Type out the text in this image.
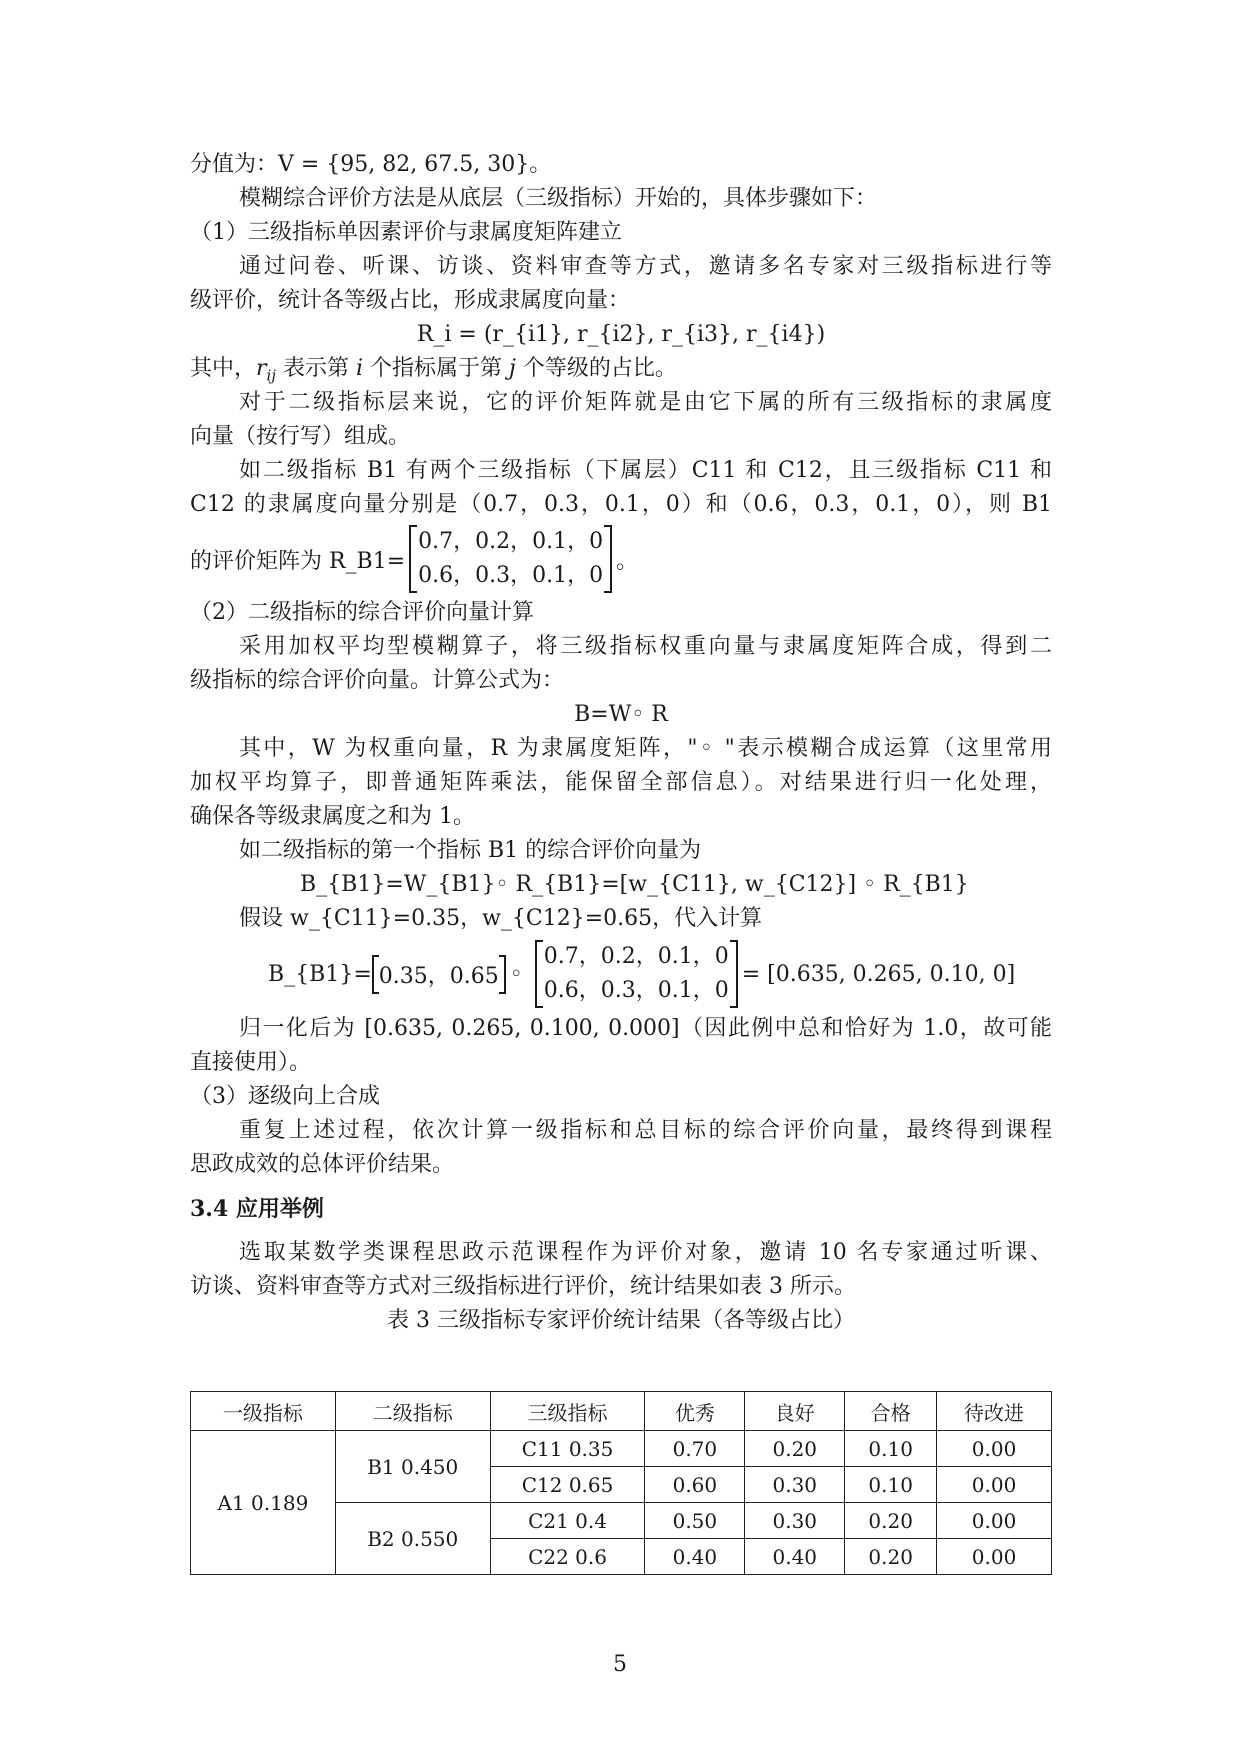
分值为：V = {95, 82, 67.5, 30}。
模糊综合评价方法是从底层（三级指标）开始的，具体步骤如下：
（1）三级指标单因素评价与隶属度矩阵建立
通过问卷、听课、访谈、资料审查等方式，邀请多名专家对三级指标进行等
级评价，统计各等级占比，形成隶属度向量：
R_i = (r_{i1}, r_{i2}, r_{i3}, r_{i4})
其中，$r_{ij}$ 表示第 i 个指标属于第 j 个等级的占比。
对于二级指标层来说，它的评价矩阵就是由它下属的所有三级指标的隶属度
向量（按行写）组成。
如二级指标 B1 有两个三级指标（下属层）C11 和 C12，且三级指标 C11 和
C12 的隶属度向量分别是（0.7，0.3，0.1，0）和（0.6，0.3，0.1，0），则 B1
的评价矩阵为 R_B1=
0.7，0.2，0.1，0
0.6，0.3，0.1，0
。
（2）二级指标的综合评价向量计算
采用加权平均型模糊算子，将三级指标权重向量与隶属度矩阵合成，得到二
级指标的综合评价向量。计算公式为：
B=W◦ R
其中，W 为权重向量，R 为隶属度矩阵，"◦ "表示模糊合成运算（这里常用
加权平均算子，即普通矩阵乘法，能保留全部信息）。对结果进行归一化处理，
确保各等级隶属度之和为 1。
如二级指标的第一个指标 B1 的综合评价向量为
B_{B1}=W_{B1}◦ R_{B1}=[w_{C11}, w_{C12}] ◦ R_{B1}
假设 w_{C11}=0.35，w_{C12}=0.65，代入计算
B_{B1}= 0.35，0.65 ◦
0.7，0.2，0.1，0
0.6，0.3，0.1，0
= [0.635, 0.265, 0.10, 0]
归一化后为 [0.635, 0.265, 0.100, 0.000]（因此例中总和恰好为 1.0，故可能
直接使用）。
（3）逐级向上合成
重复上述过程，依次计算一级指标和总目标的综合评价向量，最终得到课程
思政成效的总体评价结果。
3.4 应用举例
选取某数学类课程思政示范课程作为评价对象，邀请 10 名专家通过听课、
访谈、资料审查等方式对三级指标进行评价，统计结果如表 3 所示。
表 3 三级指标专家评价统计结果（各等级占比）
一级指标	二级指标	三级指标	优秀	良好	合格	待改进
A1 0.189	B1 0.450	C11 0.35	0.70	0.20	0.10	0.00
		C12 0.65	0.60	0.30	0.10	0.00
	B2 0.550	C21 0.4	0.50	0.30	0.20	0.00
		C22 0.6	0.40	0.40	0.20	0.00
5
